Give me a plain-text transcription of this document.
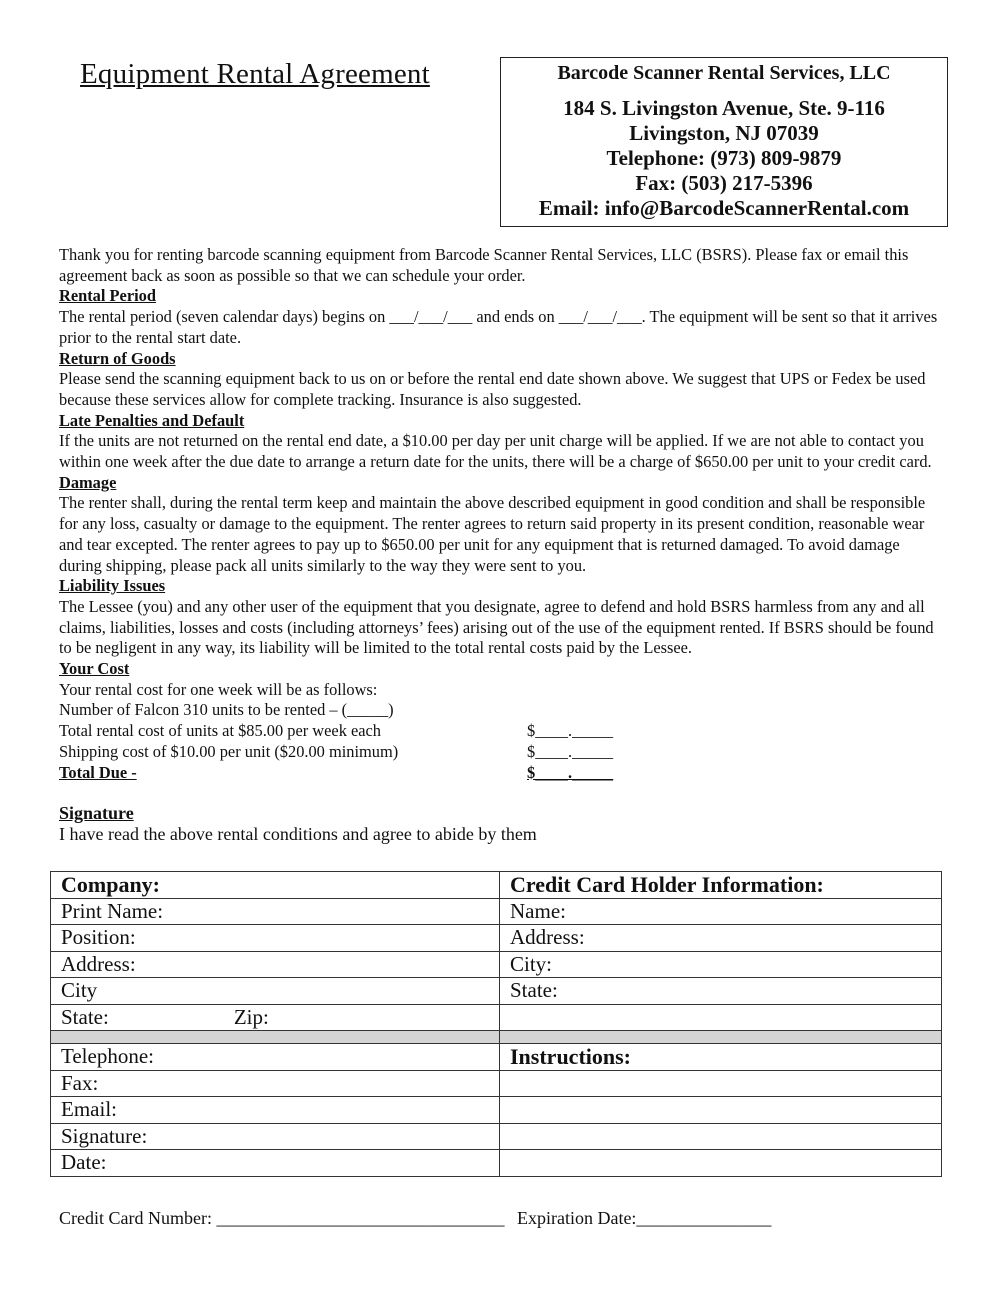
Equipment Rental Agreement	Barcode Scanner Rental Services, LLC
184 S. Livingston Avenue, Ste. 9-116
Livingston, NJ 07039
Telephone: (973) 809-9879
Fax: (503) 217-5396
Email: info@BarcodeScannerRental.com

Thank you for renting barcode scanning equipment from Barcode Scanner Rental Services, LLC (BSRS). Please fax or email this agreement back as soon as possible so that we can schedule your order.

Rental Period

The rental period (seven calendar days) begins on ___/___/___ and ends on ___/___/___. The equipment will be sent so that it arrives prior to the rental start date.

Return of Goods

Please send the scanning equipment back to us on or before the rental end date shown above. We suggest that UPS or Fedex be used because these services allow for complete tracking. Insurance is also suggested.

Late Penalties and Default

If the units are not returned on the rental end date, a $10.00 per day per unit charge will be applied. If we are not able to contact you within one week after the due date to arrange a return date for the units, there will be a charge of $650.00 per unit to your credit card.

Damage

The renter shall, during the rental term keep and maintain the above described equipment in good condition and shall be responsible for any loss, casualty or damage to the equipment. The renter agrees to return said property in its present condition, reasonable wear and tear excepted. The renter agrees to pay up to $650.00 per unit for any equipment that is returned damaged. To avoid damage during shipping, please pack all units similarly to the way they were sent to you.

Liability Issues

The Lessee (you) and any other user of the equipment that you designate, agree to defend and hold BSRS harmless from any and all claims, liabilities, losses and costs (including attorneys’ fees) arising out of the use of the equipment rented. If BSRS should be found to be negligent in any way, its liability will be limited to the total rental costs paid by the Lessee.

Your Cost

Your rental cost for one week will be as follows:

Number of Falcon 310 units to be rented – (_____)

Total rental cost of units at $85.00 per week each	$____._____
Shipping cost of $10.00 per unit ($20.00 minimum)	$____._____
Total Due -	$____._____
Signature
I have read the above rental conditions and agree to abide by them
Company:	Credit Card Holder Information:
Print Name:	Name:
Position:	Address:
Address:	City:
City	State:
State: Zip:	

Telephone:	Instructions:
Fax:	
Email:	
Signature:	
Date:	
Credit Card Number: ________________________________ Expiration Date:_______________
